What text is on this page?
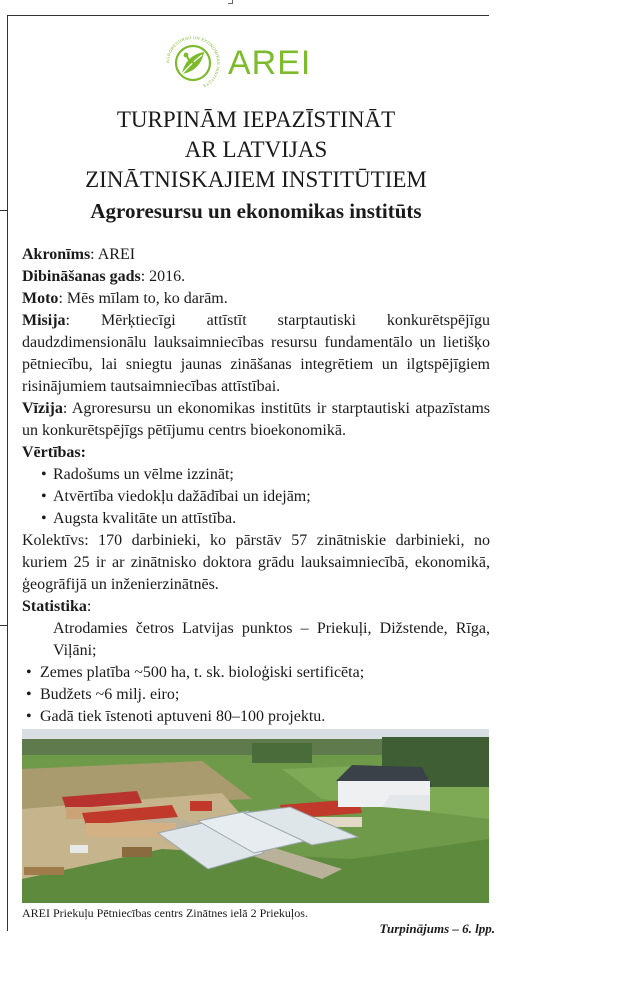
AGRORESURSU UN EKONOMIKAS INSTITŪTS
AREI
TURPINĀM IEPAZĪSTINĀT
AR LATVIJAS
ZINĀTNISKAJIEM INSTITŪTIEM
Agroresursu un ekonomikas institūts

Akronīms: AREI

Dibināšanas gads: 2016.

Moto: Mēs mīlam to, ko darām.

Misija: Mērķtiecīgi attīstīt starptautiski konkurētspējīgu daudzdimensionālu lauksaimniecības resursu fundamentālo un lietišķo pētniecību, lai sniegtu jaunas zināšanas integrētiem un ilgtspējīgiem risinājumiem tautsaimniecības attīstībai.

Vīzija: Agroresursu un ekonomikas institūts ir starptautiski atpazīstams un konkurētspējīgs pētījumu centrs bioekonomikā.

Vērtības:

• Radošums un vēlme izzināt;
• Atvērtība viedokļu dažādībai un idejām;
• Augsta kvalitāte un attīstība.

Kolektīvs: 170 darbinieki, ko pārstāv 57 zinātniskie darbinieki, no kuriem 25 ir ar zinātnisko doktora grādu lauksaimniecībā, ekonomikā, ģeogrāfijā un inženierzinātnēs.

Statistika:

Atrodamies četros Latvijas punktos – Priekuļi, Dižstende, Rīga, Viļāni;

• Zemes platība ~500 ha, t. sk. bioloģiski sertificēta;
• Budžets ~6 milj. eiro;
• Gadā tiek īstenoti aptuveni 80–100 projektu.
AREI Priekuļu Pētniecības centrs Zinātnes ielā 2 Priekuļos.
Turpinājums – 6. lpp.
